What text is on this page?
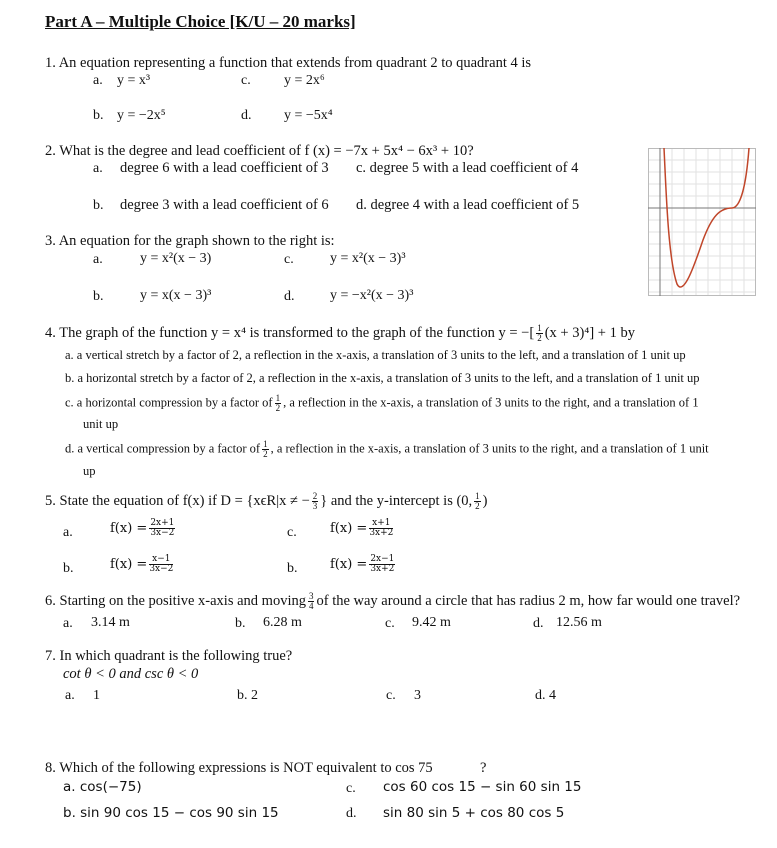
Part A – Multiple Choice [K/U – 20 marks]
1. An equation representing a function that extends from quadrant 2 to quadrant 4 is
a. y = x³	c. y = 2x⁶
b. y = −2x⁵	d. y = −5x⁴
2. What is the degree and lead coefficient of f (x) = −7x + 5x⁴ − 6x³ + 10?
a. degree 6 with a lead coefficient of 3 c. degree 5 with a lead coefficient of 4
b. degree 3 with a lead coefficient of 6 d. degree 4 with a lead coefficient of 5
3. An equation for the graph shown to the right is:
a.	y = x²(x − 3)	c.	y = x²(x − 3)³
b.	y = x(x − 3)³	d.	y = −x²(x − 3)³
4. The graph of the function y = x⁴ is transformed to the graph of the function y = −[ $\frac{1}{2} (x + 3)^4] + 1$ by
a. a vertical stretch by a factor of 2, a reflection in the x-axis, a translation of 3 units to the left, and a translation of 1 unit up
b. a horizontal stretch by a factor of 2, a reflection in the x-axis, a translation of 3 units to the left, and a translation of 1 unit up
c. a horizontal compression by a factor of $\frac{1}{2}$ , a reflection in the x-axis, a translation of 3 units to the right, and a translation of 1
unit up
d. a vertical compression by a factor of $\frac{1}{2}$ , a reflection in the x-axis, a translation of 3 units to the right, and a translation of 1 unit
up
5. State the equation of f(x) if D = {xϵR|x ≠ − $\frac{2}{3}$ } and the y-intercept is (0, $\frac{1}{2}$ )
a.	$f(x) = \frac{2x+1}{3x-2}$	c.	$f(x) = \frac{x+1}{3x+2}$
b.	$f(x) = \frac{x-1}{3x-2}$	b.	$f(x) = \frac{2x-1}{3x+2}$
6. Starting on the positive x-axis and moving $\frac{3}{4}$ of the way around a circle that has radius 2 m, how far would one travel?
a. 3.14 m	b. 6.28 m	c. 9.42 m	d. 12.56 m
7. In which quadrant is the following true?
cot θ < 0 and csc θ < 0
a. 1	b. 2	c. 3	d. 4
8. Which of the following expressions is NOT equivalent to cos 75	?
a. cos(−75)	c. cos 60 cos 15 − sin 60 sin 15
b. sin 90 cos 15 − cos 90 sin 15	d. sin 80 sin 5 + cos 80 cos 5
